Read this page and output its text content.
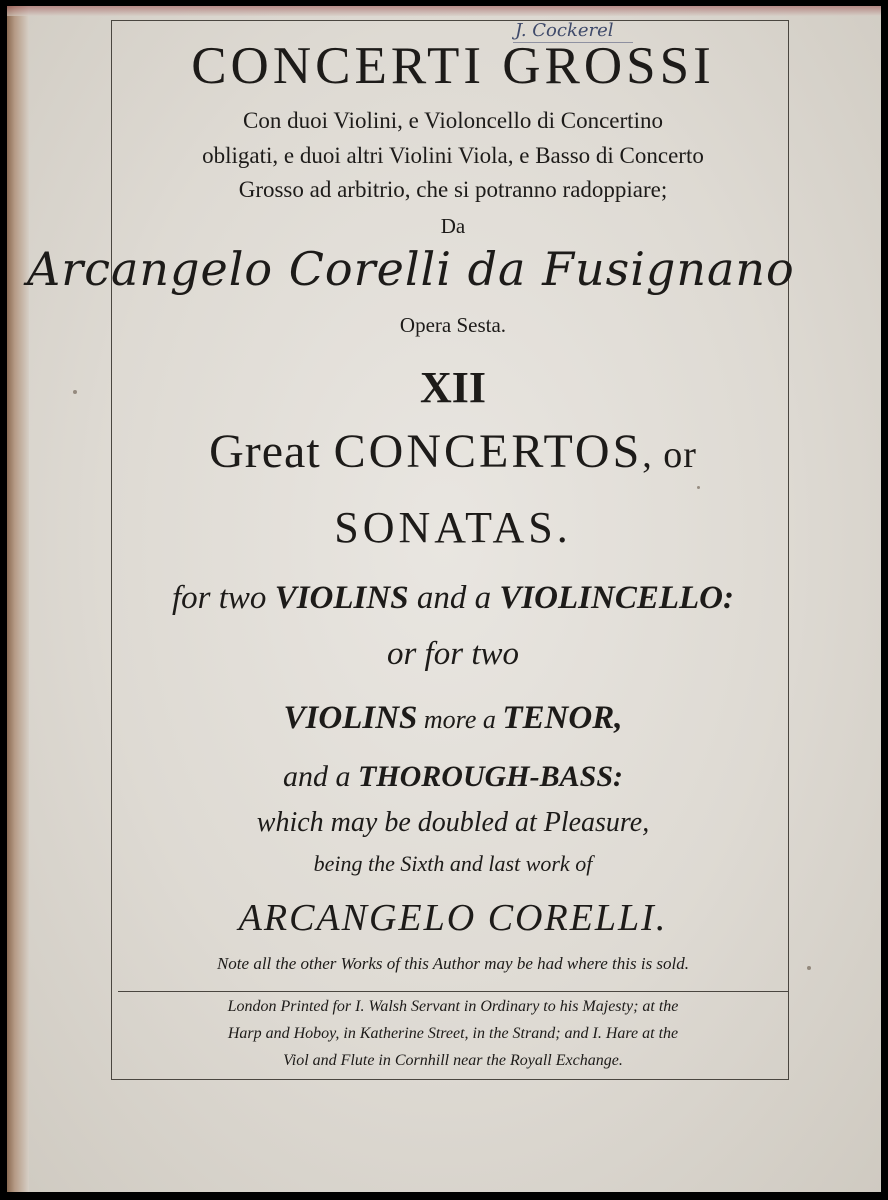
J. Cockerel
CONCERTI GROSSI
Con duoi Violini, e Violoncello di Concertino
obligati, e duoi altri Violini Viola, e Basso di Concerto
Grosso ad arbitrio, che si potranno radoppiare;
Da
Arcangelo Corelli da Fusignano
Opera Sesta.
XII
Great CONCERTOS, or
SONATAS.
for two VIOLINS and a VIOLINCELLO:
or for two
VIOLINS more a TENOR,
and a THOROUGH-BASS:
which may be doubled at Pleasure,
being the Sixth and last work of
ARCANGELO CORELLI.
Note all the other Works of this Author may be had where this is sold.
London Printed for I. Walsh Servant in Ordinary to his Majesty; at the
Harp and Hoboy, in Katherine Street, in the Strand; and I. Hare at the
Viol and Flute in Cornhill near the Royall Exchange.
